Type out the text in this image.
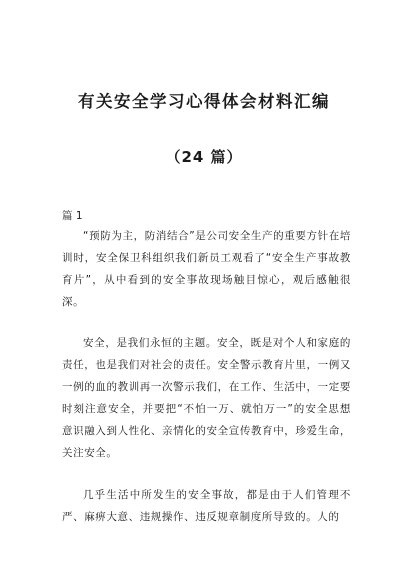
有关安全学习心得体会材料汇编
（24 篇）

篇 1

“预防为主，防消结合”是公司安全生产的重要方针在培训时，安全保卫科组织我们新员工观看了“安全生产事故教育片”，从中看到的安全事故现场触目惊心，观后感触很深。

安全，是我们永恒的主题。安全，既是对个人和家庭的责任，也是我们对社会的责任。安全警示教育片里，一例又一例的血的教训再一次警示我们，在工作、生活中，一定要时刻注意安全，并要把“不怕一万、就怕万一”的安全思想意识融入到人性化、亲情化的安全宣传教育中，珍爱生命，关注安全。

几乎生活中所发生的安全事故，都是由于人们管理不严、麻痹大意、违规操作、违反规章制度所导致的。人的
